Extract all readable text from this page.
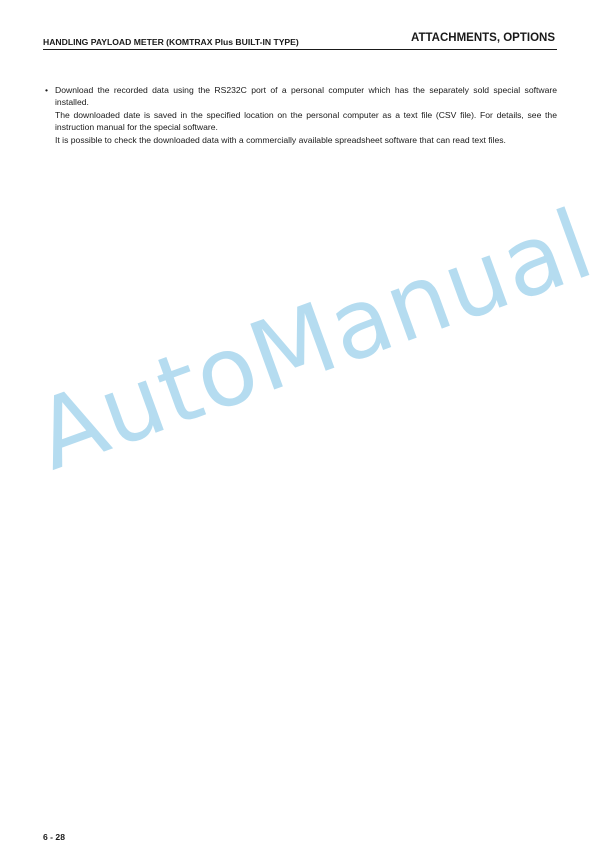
HANDLING PAYLOAD METER (KOMTRAX Plus BUILT-IN TYPE)	ATTACHMENTS, OPTIONS
• Download the recorded data using the RS232C port of a personal computer which has the separately sold special software installed.

The downloaded date is saved in the specified location on the personal computer as a text file (CSV file). For details, see the instruction manual for the special software.

It is possible to check the downloaded data with a commercially available spreadsheet software that can read text files.

AutoManual
6 - 28
